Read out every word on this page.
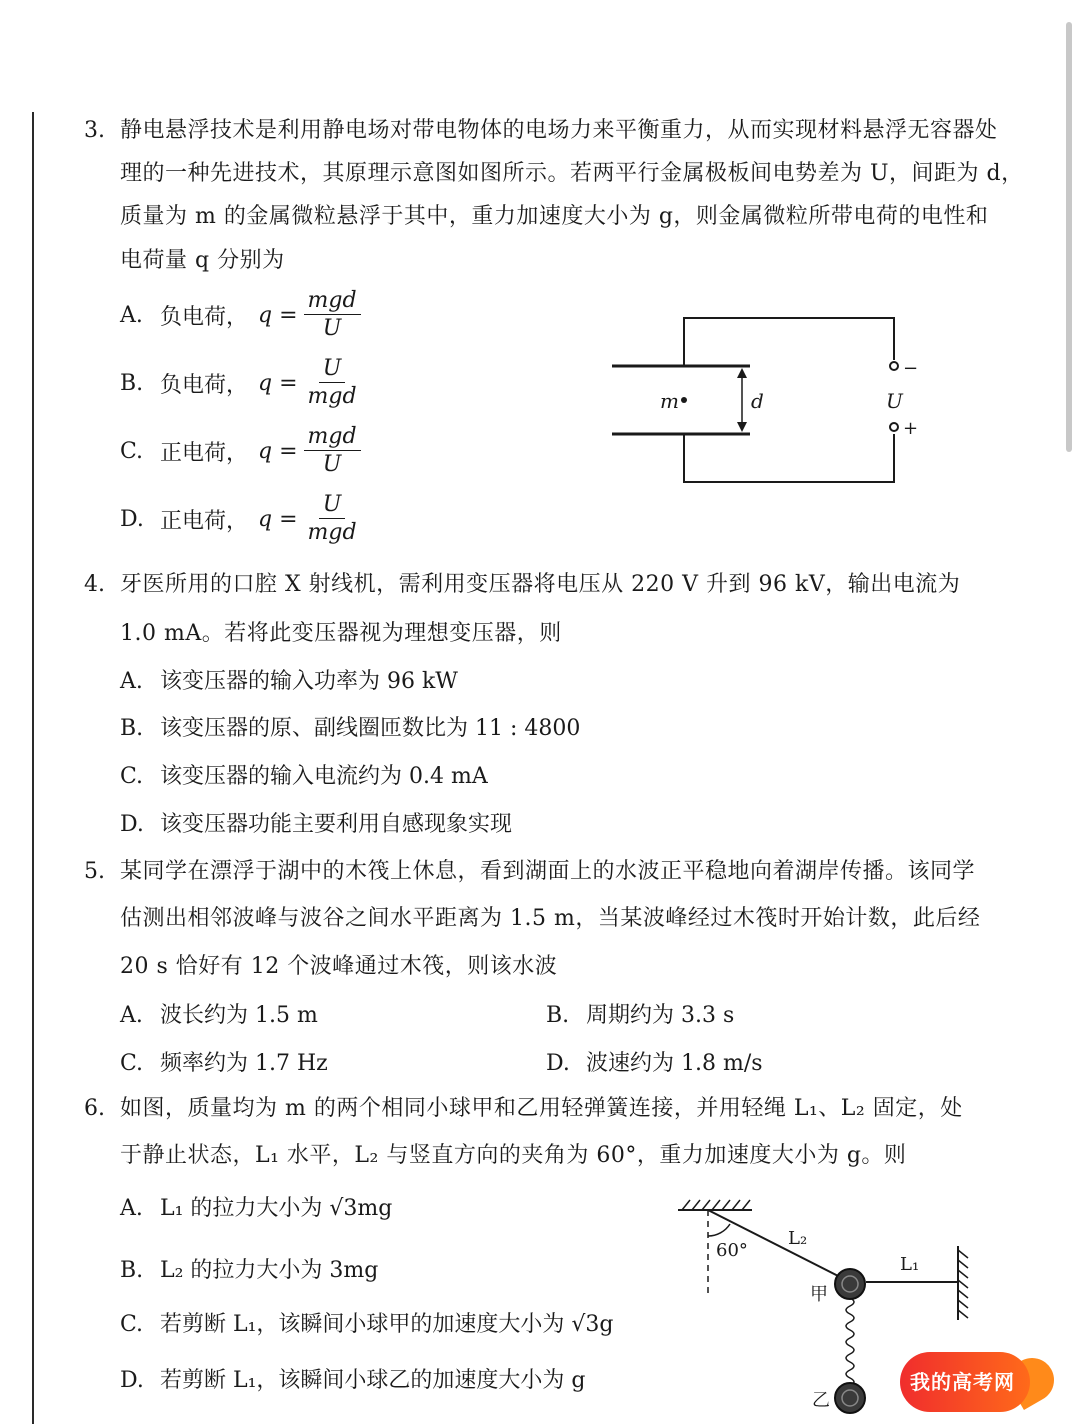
3. 静电悬浮技术是利用静电场对带电物体的电场力来平衡重力，从而实现材料悬浮无容器处
理的一种先进技术，其原理示意图如图所示。若两平行金属极板间电势差为 U，间距为 d，
质量为 m 的金属微粒悬浮于其中，重力加速度大小为 g，则金属微粒所带电荷的电性和
电荷量 q 分别为
A. 负电荷， $q = \frac{\text{mgd}}{U}$
B. 负电荷， $q = \frac{U}{\text{mgd}}$
C. 正电荷， $q = \frac{\text{mgd}}{U}$
D. 正电荷， $q = \frac{U}{\text{mgd}}$
m	d	U
−
+
4. 牙医所用的口腔 X 射线机，需利用变压器将电压从 220 V 升到 96 kV，输出电流为
1.0 mA。若将此变压器视为理想变压器，则
A. 该变压器的输入功率为 96 kW
B. 该变压器的原、副线圈匝数比为 11 : 4800
C. 该变压器的输入电流约为 0.4 mA
D. 该变压器功能主要利用自感现象实现
5. 某同学在漂浮于湖中的木筏上休息，看到湖面上的水波正平稳地向着湖岸传播。该同学
估测出相邻波峰与波谷之间水平距离为 1.5 m，当某波峰经过木筏时开始计数，此后经
20 s 恰好有 12 个波峰通过木筏，则该水波
A. 波长约为 1.5 m	B. 周期约为 3.3 s
C. 频率约为 1.7 Hz	D. 波速约为 1.8 m/s
6. 如图，质量均为 m 的两个相同小球甲和乙用轻弹簧连接，并用轻绳 L₁、L₂ 固定，处
于静止状态，L₁ 水平，L₂ 与竖直方向的夹角为 60°，重力加速度大小为 g。则
A. L₁ 的拉力大小为 √3mg
B. L₂ 的拉力大小为 3mg
C. 若剪断 L₁，该瞬间小球甲的加速度大小为 √3g
D. 若剪断 L₁，该瞬间小球乙的加速度大小为 g
60°
L₂
L₁
甲
乙
我的高考网
